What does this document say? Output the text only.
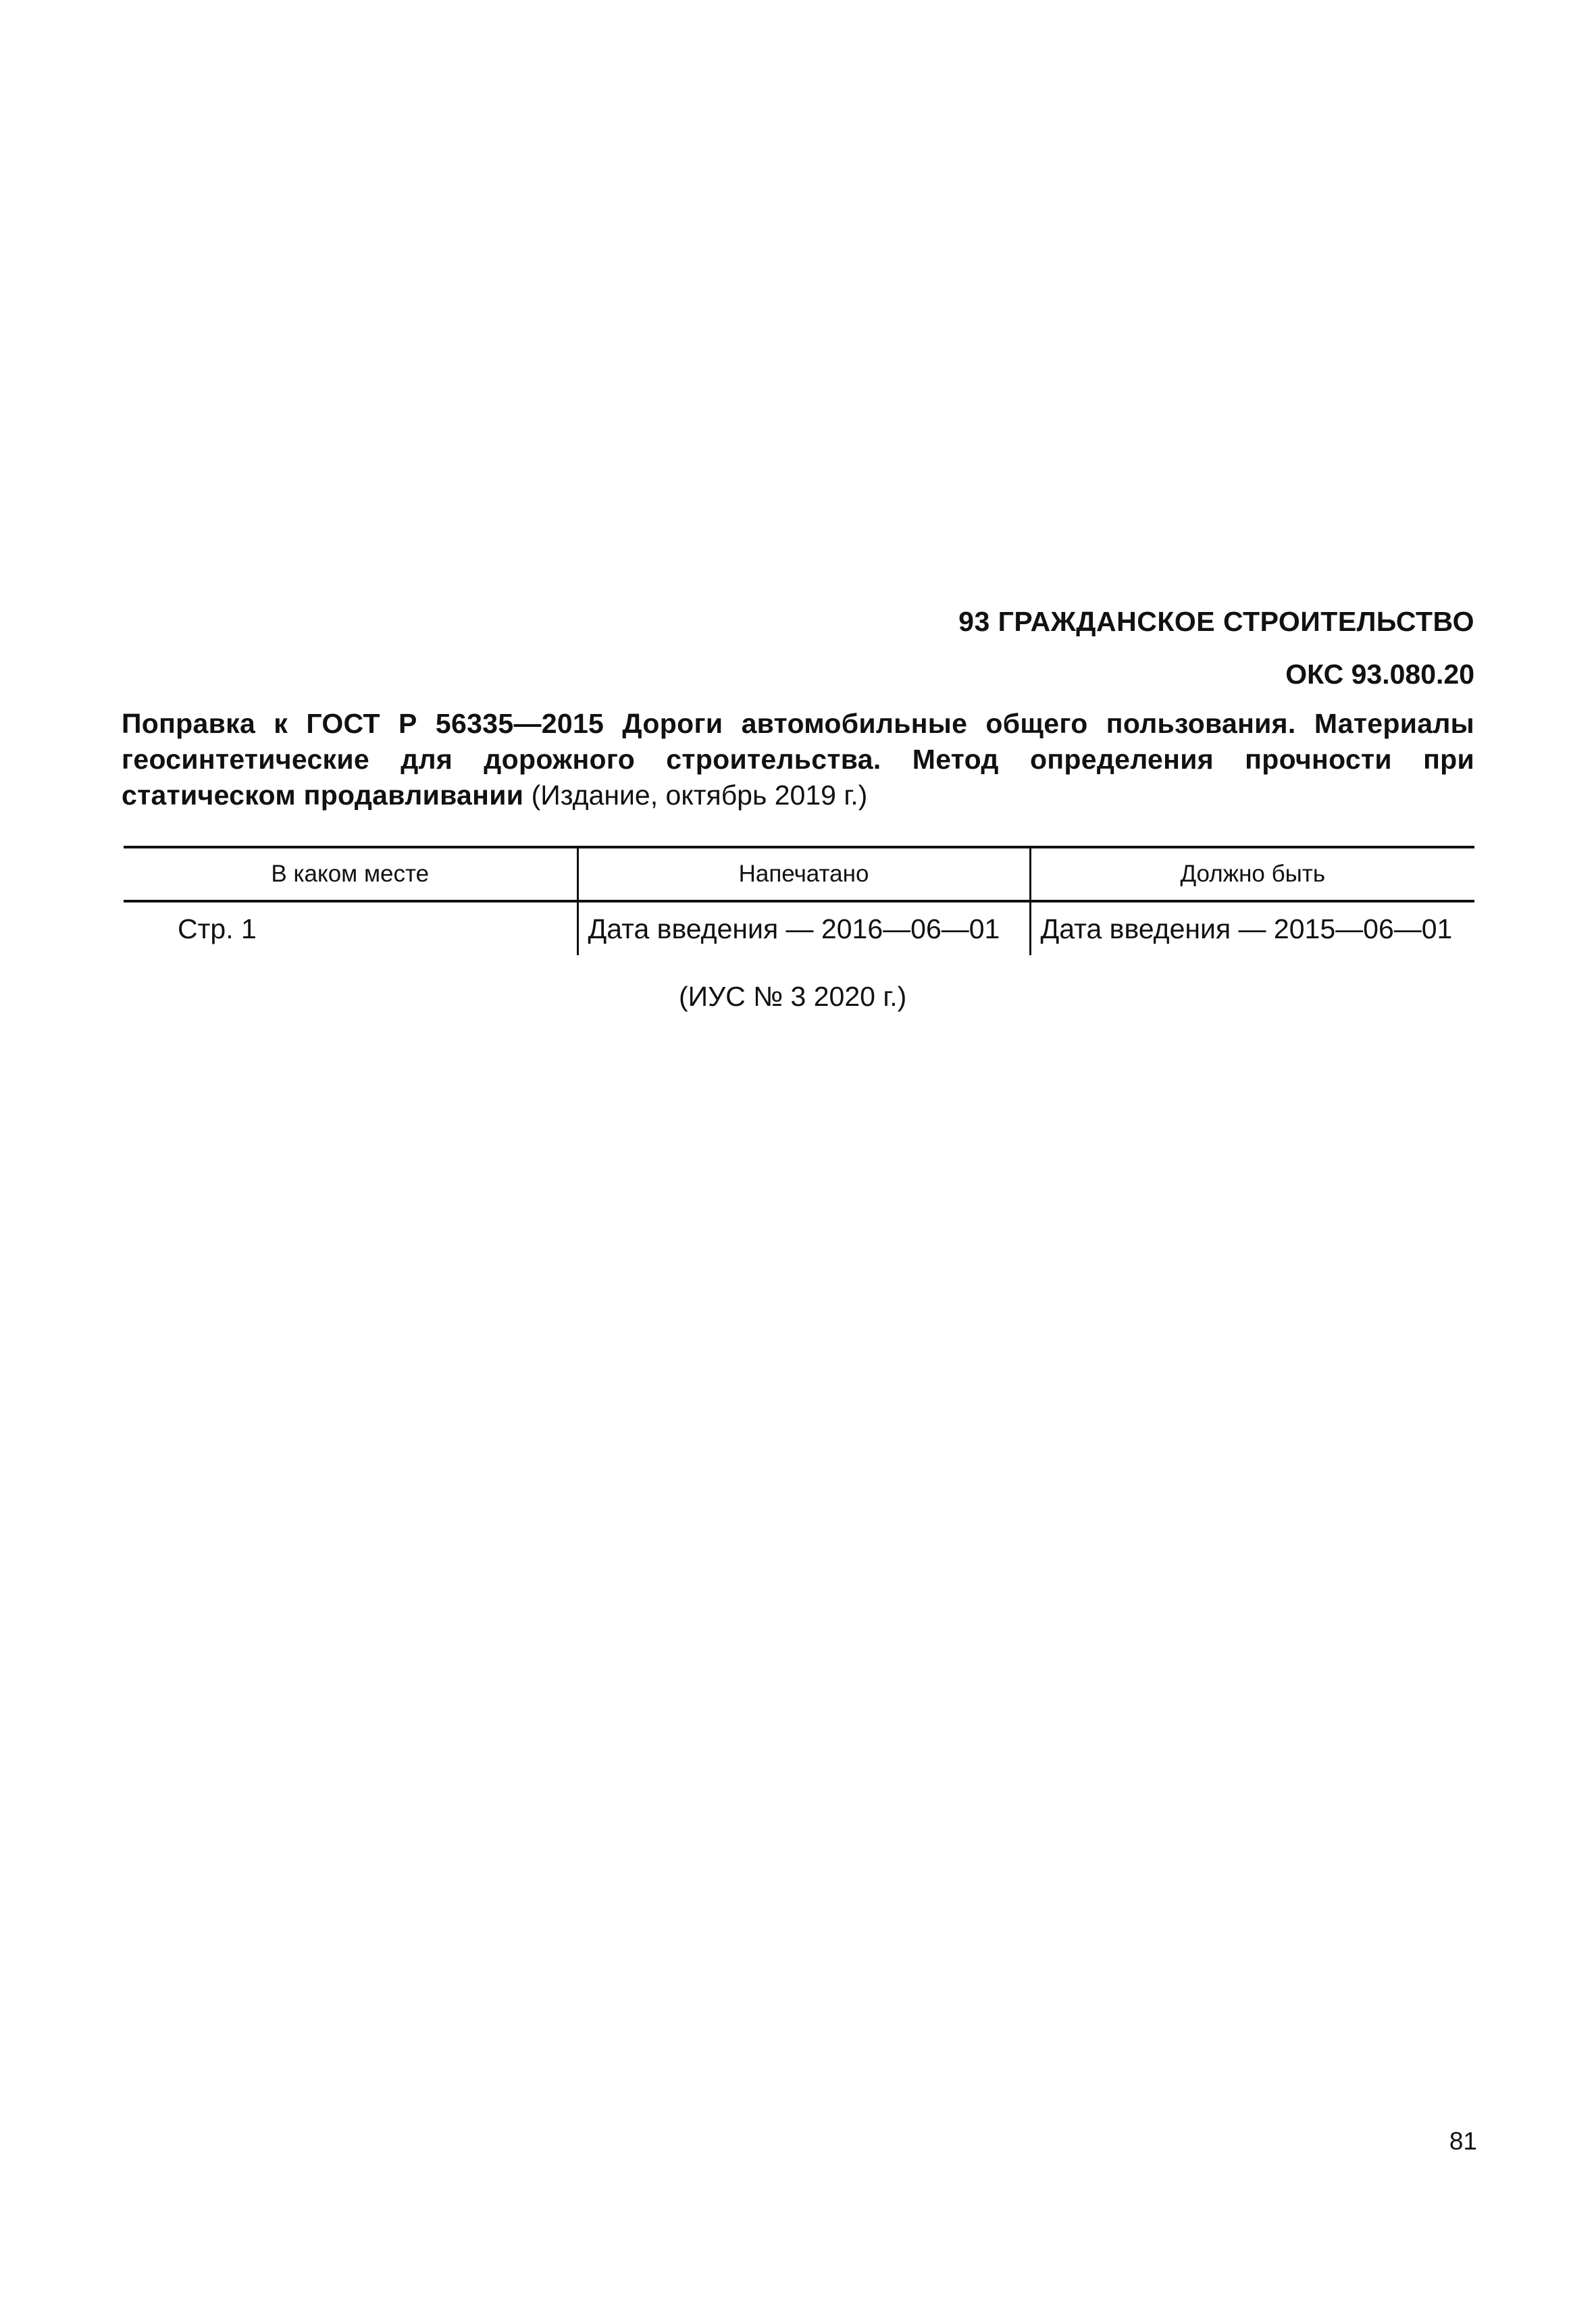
93 ГРАЖДАНСКОЕ СТРОИТЕЛЬСТВО
ОКС 93.080.20

Поправка к ГОСТ Р 56335—2015 Дороги автомобильные общего пользования. Материалы геосинтетические для дорожного строительства. Метод определения прочности при статическом продавливании (Издание, октябрь 2019 г.)

В каком месте	Напечатано	Должно быть
Стр. 1	Дата введения — 2016—06—01	Дата введения — 2015—06—01
(ИУС № 3 2020 г.)
81
